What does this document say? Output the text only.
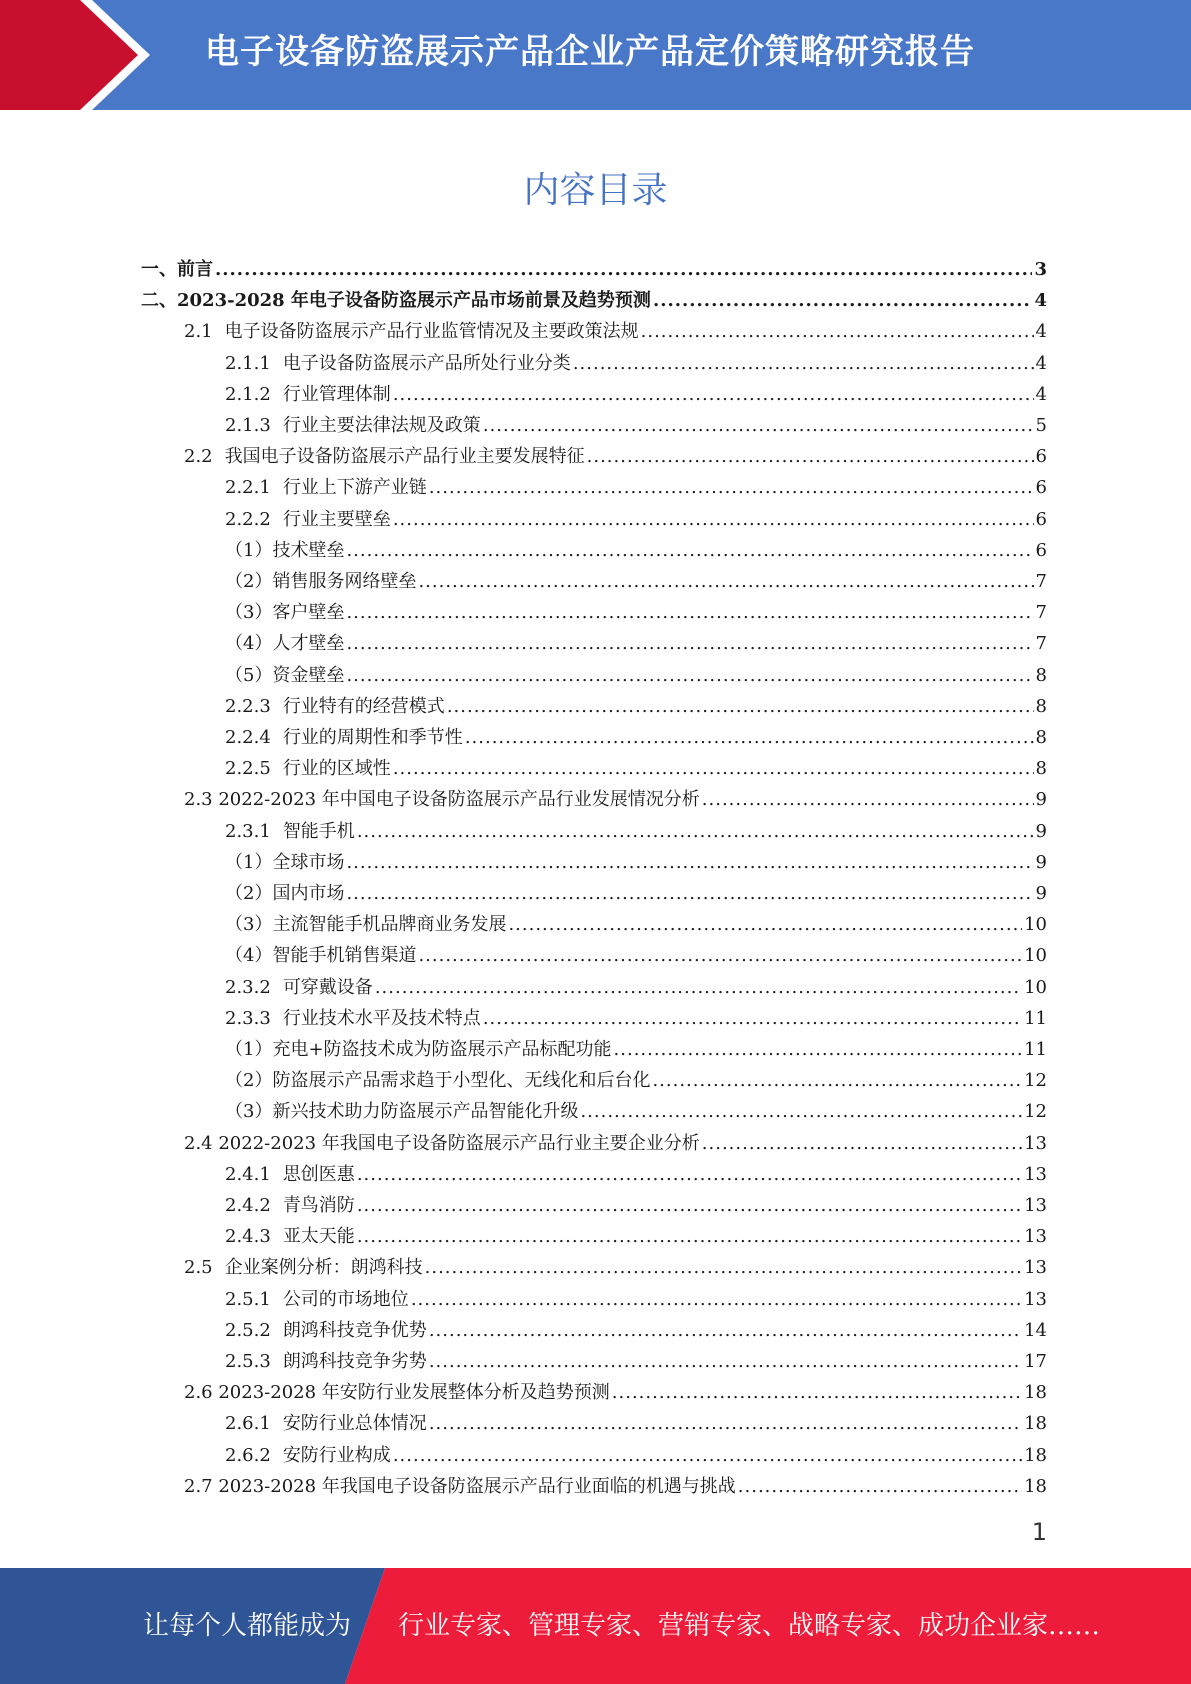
电子设备防盗展示产品企业产品定价策略研究报告
内容目录
一、前言 .....	3
二、2023-2028 年电子设备防盗展示产品市场前景及趋势预测 .....	4
2.1 电子设备防盗展示产品行业监管情况及主要政策法规 .....	4
2.1.1 电子设备防盗展示产品所处行业分类 .....	4
2.1.2 行业管理体制 .....	4
2.1.3 行业主要法律法规及政策 .....	5
2.2 我国电子设备防盗展示产品行业主要发展特征 .....	6
2.2.1 行业上下游产业链 .....	6
2.2.2 行业主要壁垒 .....	6
（1） 技术壁垒 .....	6
（2） 销售服务网络壁垒 .....	7
（3） 客户壁垒 .....	7
（4） 人才壁垒 .....	7
（5） 资金壁垒 .....	8
2.2.3 行业特有的经营模式 .....	8
2.2.4 行业的周期性和季节性 .....	8
2.2.5 行业的区域性 .....	8
2.3 2022-2023 年中国电子设备防盗展示产品行业发展情况分析 .....	9
2.3.1 智能手机 .....	9
（1） 全球市场 .....	9
（2） 国内市场 .....	9
（3） 主流智能手机品牌商业务发展 .....	10
（4） 智能手机销售渠道 .....	10
2.3.2 可穿戴设备 .....	10
2.3.3 行业技术水平及技术特点 .....	11
（1） 充电+防盗技术成为防盗展示产品标配功能 .....	11
（2） 防盗展示产品需求趋于小型化、无线化和后台化 .....	12
（3） 新兴技术助力防盗展示产品智能化升级 .....	12
2.4 2022-2023 年我国电子设备防盗展示产品行业主要企业分析 .....	13
2.4.1 思创医惠 .....	13
2.4.2 青鸟消防 .....	13
2.4.3 亚太天能 .....	13
2.5 企业案例分析：朗鸿科技 .....	13
2.5.1 公司的市场地位 .....	13
2.5.2 朗鸿科技竞争优势 .....	14
2.5.3 朗鸿科技竞争劣势 .....	17
2.6 2023-2028 年安防行业发展整体分析及趋势预测 .....	18
2.6.1 安防行业总体情况 .....	18
2.6.2 安防行业构成 .....	18
2.7 2023-2028 年我国电子设备防盗展示产品行业面临的机遇与挑战 .....	18
1
让每个人都能成为 行业专家、管理专家、营销专家、战略专家、成功企业家……
